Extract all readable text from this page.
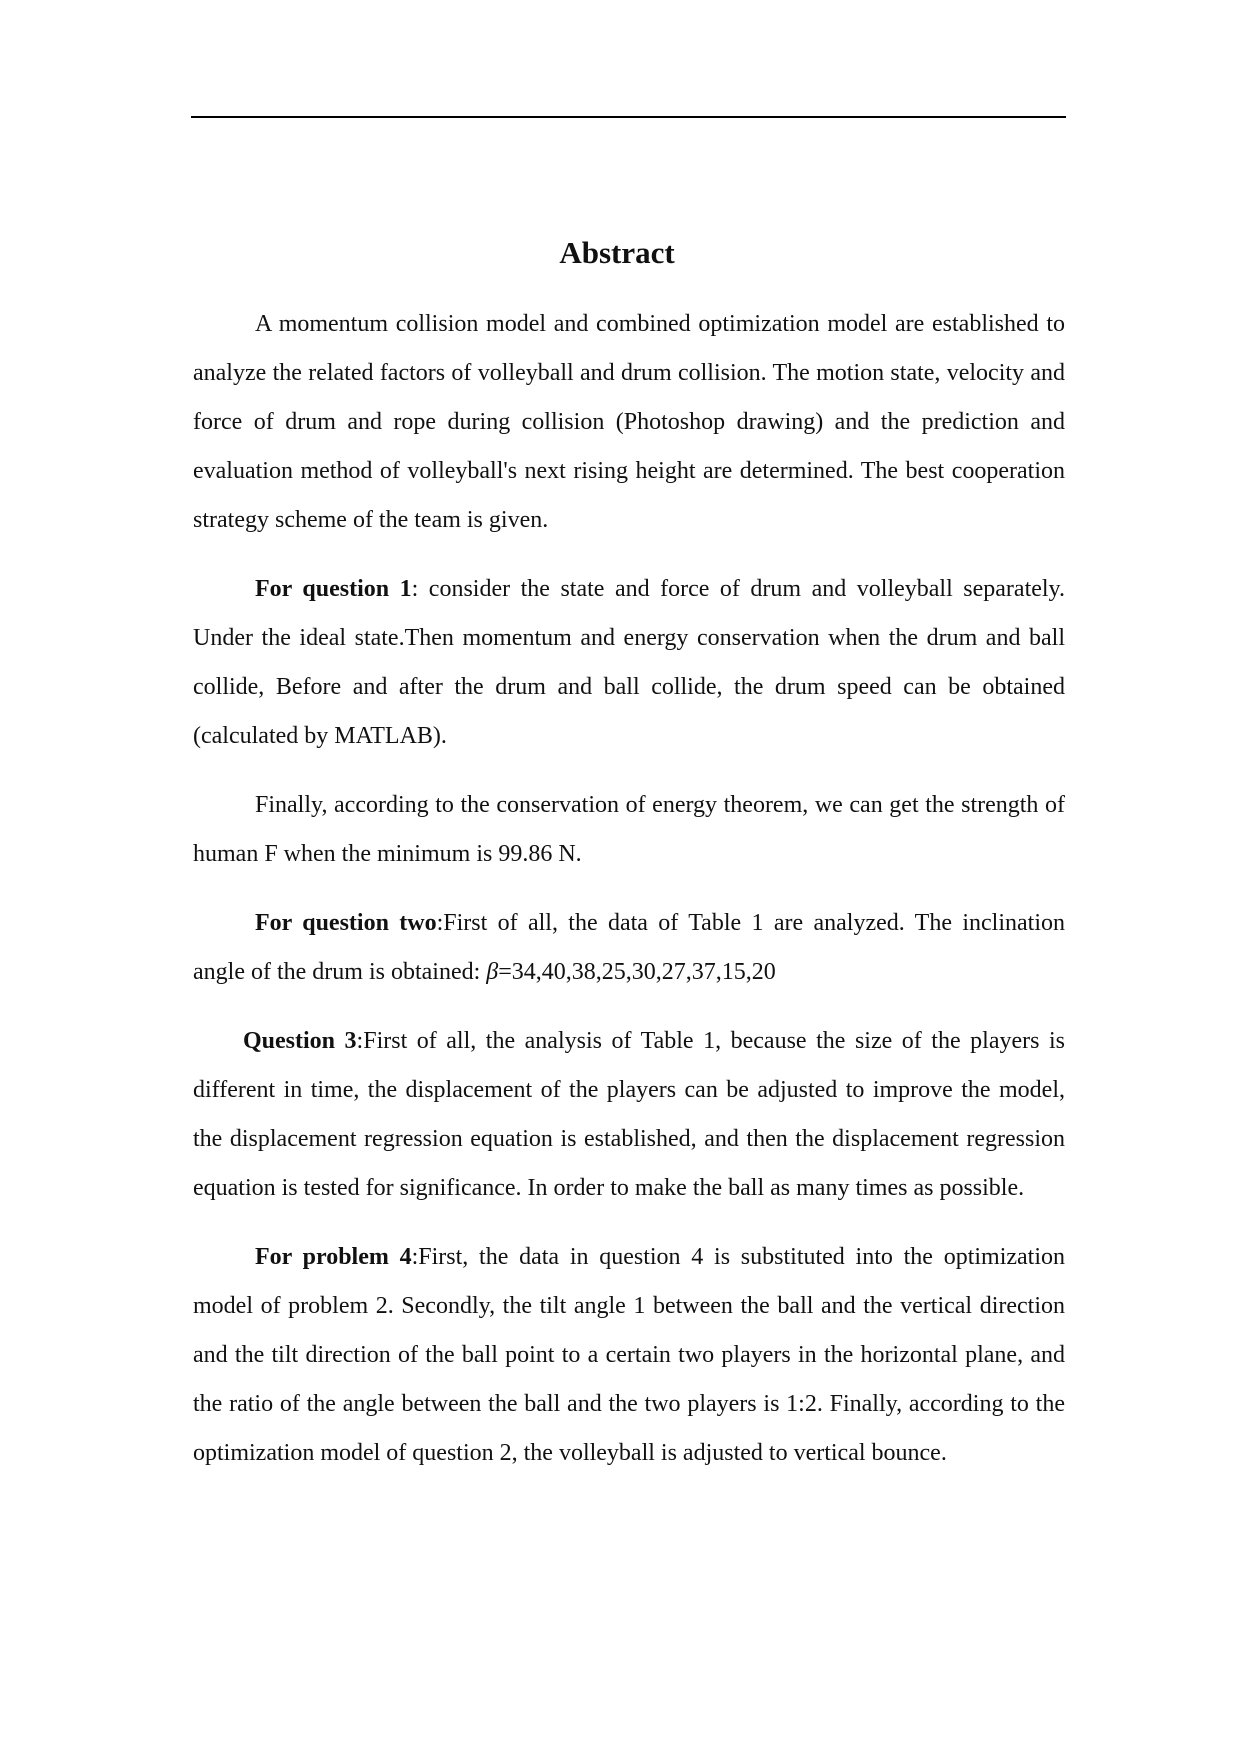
Abstract

A momentum collision model and combined optimization model are established to analyze the related factors of volleyball and drum collision. The motion state, velocity and force of drum and rope during collision (Photoshop drawing) and the prediction and evaluation method of volleyball's next rising height are determined. The best cooperation strategy scheme of the team is given.

For question 1: consider the state and force of drum and volleyball separately. Under the ideal state.Then momentum and energy conservation when the drum and ball collide, Before and after the drum and ball collide, the drum speed can be obtained (calculated by MATLAB).

Finally, according to the conservation of energy theorem, we can get the strength of human F when the minimum is 99.86 N.

For question two:First of all, the data of Table 1 are analyzed. The inclination angle of the drum is obtained: β=34,40,38,25,30,27,37,15,20

Question 3:First of all, the analysis of Table 1, because the size of the players is different in time, the displacement of the players can be adjusted to improve the model, the displacement regression equation is established, and then the displacement regression equation is tested for significance. In order to make the ball as many times as possible.

For problem 4:First, the data in question 4 is substituted into the optimization model of problem 2. Secondly, the tilt angle 1 between the ball and the vertical direction and the tilt direction of the ball point to a certain two players in the horizontal plane, and the ratio of the angle between the ball and the two players is 1:2. Finally, according to the optimization model of question 2, the volleyball is adjusted to vertical bounce.
